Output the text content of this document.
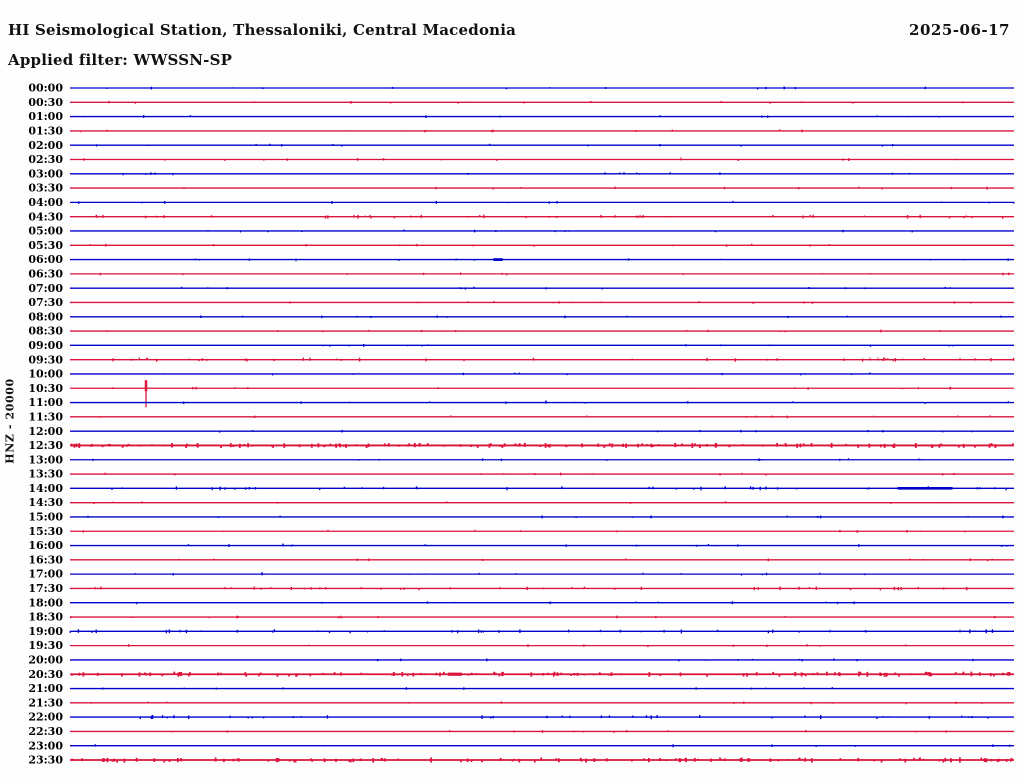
HI Seismological Station, Thessaloniki, Central Macedonia	2025-06-17
Applied filter: WWSSN-SP
HNZ - 20000
00:00
00:30
01:00
01:30
02:00
02:30
03:00
03:30
04:00
04:30
05:00
05:30
06:00
06:30
07:00
07:30
08:00
08:30
09:00
09:30
10:00
10:30
11:00
11:30
12:00
12:30
13:00
13:30
14:00
14:30
15:00
15:30
16:00
16:30
17:00
17:30
18:00
18:30
19:00
19:30
20:00
20:30
21:00
21:30
22:00
22:30
23:00
23:30
